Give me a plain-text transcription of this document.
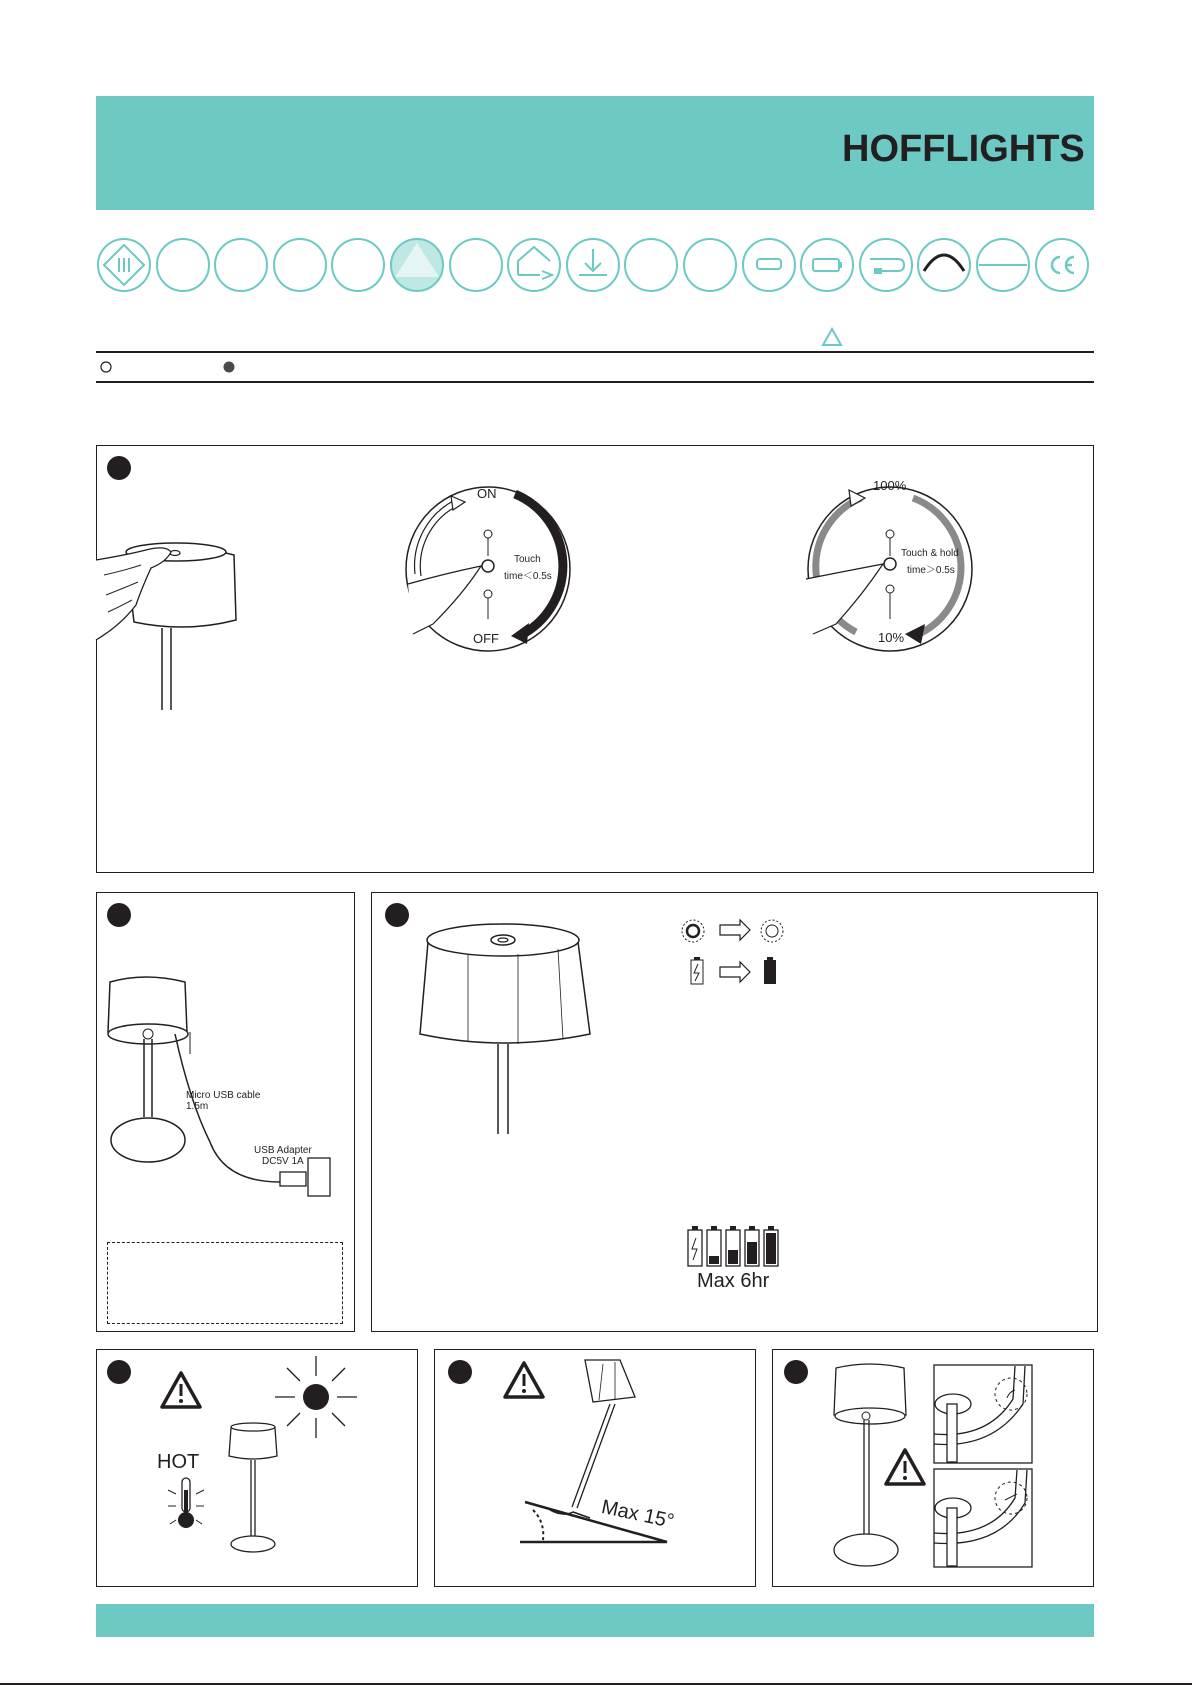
HOFFLIGHTS
ON
OFF
Touch
time＜0.5s
100%
10%
Touch & hold
time＞0.5s
Micro USB cable
1.5m
USB Adapter
DC5V 1A
Max 6hr
HOT
Max 15°
